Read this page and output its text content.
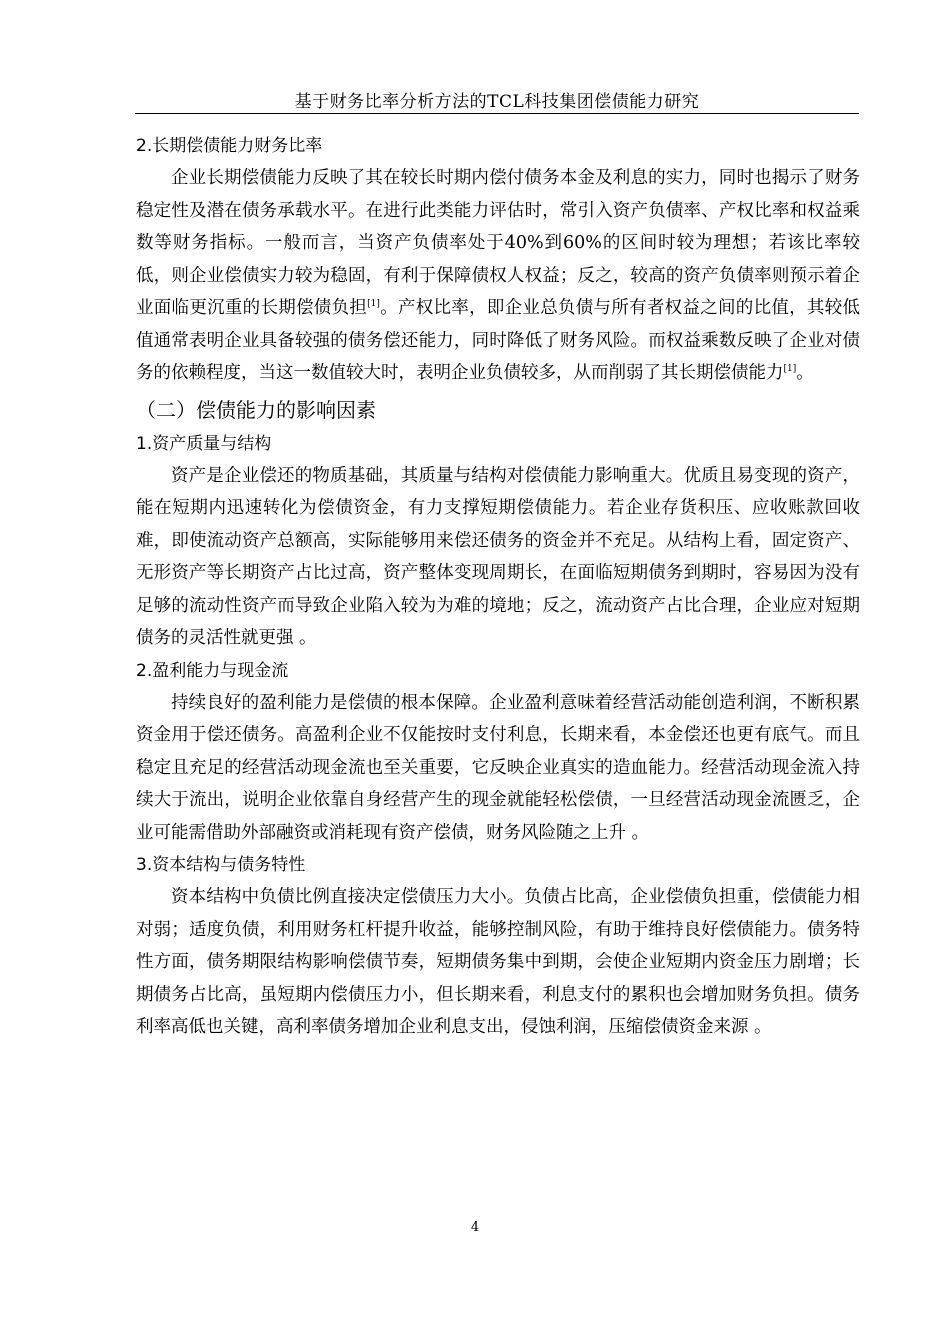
基于财务比率分析方法的TCL科技集团偿债能力研究

2.长期偿债能力财务比率

企业长期偿债能力反映了其在较长时期内偿付债务本金及利息的实力，同时也揭示了财务稳定性及潜在债务承载水平。在进行此类能力评估时，常引入资产负债率、产权比率和权益乘数等财务指标。一般而言，当资产负债率处于40%到60%的区间时较为理想；若该比率较低，则企业偿债实力较为稳固，有利于保障债权人权益；反之，较高的资产负债率则预示着企业面临更沉重的长期偿债负担[1]。产权比率，即企业总负债与所有者权益之间的比值，其较低值通常表明企业具备较强的债务偿还能力，同时降低了财务风险。而权益乘数反映了企业对债务的依赖程度，当这一数值较大时，表明企业负债较多，从而削弱了其长期偿债能力[1]。

（二）偿债能力的影响因素

1.资产质量与结构

资产是企业偿还的物质基础，其质量与结构对偿债能力影响重大。优质且易变现的资产，能在短期内迅速转化为偿债资金，有力支撑短期偿债能力。若企业存货积压、应收账款回收难，即使流动资产总额高，实际能够用来偿还债务的资金并不充足。从结构上看，固定资产、无形资产等长期资产占比过高，资产整体变现周期长，在面临短期债务到期时，容易因为没有足够的流动性资产而导致企业陷入较为为难的境地；反之，流动资产占比合理，企业应对短期债务的灵活性就更强 。

2.盈利能力与现金流

持续良好的盈利能力是偿债的根本保障。企业盈利意味着经营活动能创造利润，不断积累资金用于偿还债务。高盈利企业不仅能按时支付利息，长期来看，本金偿还也更有底气。而且稳定且充足的经营活动现金流也至关重要，它反映企业真实的造血能力。经营活动现金流入持续大于流出，说明企业依靠自身经营产生的现金就能轻松偿债，一旦经营活动现金流匮乏，企业可能需借助外部融资或消耗现有资产偿债，财务风险随之上升 。

3.资本结构与债务特性

资本结构中负债比例直接决定偿债压力大小。负债占比高，企业偿债负担重，偿债能力相对弱；适度负债，利用财务杠杆提升收益，能够控制风险，有助于维持良好偿债能力。债务特性方面，债务期限结构影响偿债节奏，短期债务集中到期，会使企业短期内资金压力剧增；长期债务占比高，虽短期内偿债压力小，但长期来看，利息支付的累积也会增加财务负担。债务利率高低也关键，高利率债务增加企业利息支出，侵蚀利润，压缩偿债资金来源 。

4
